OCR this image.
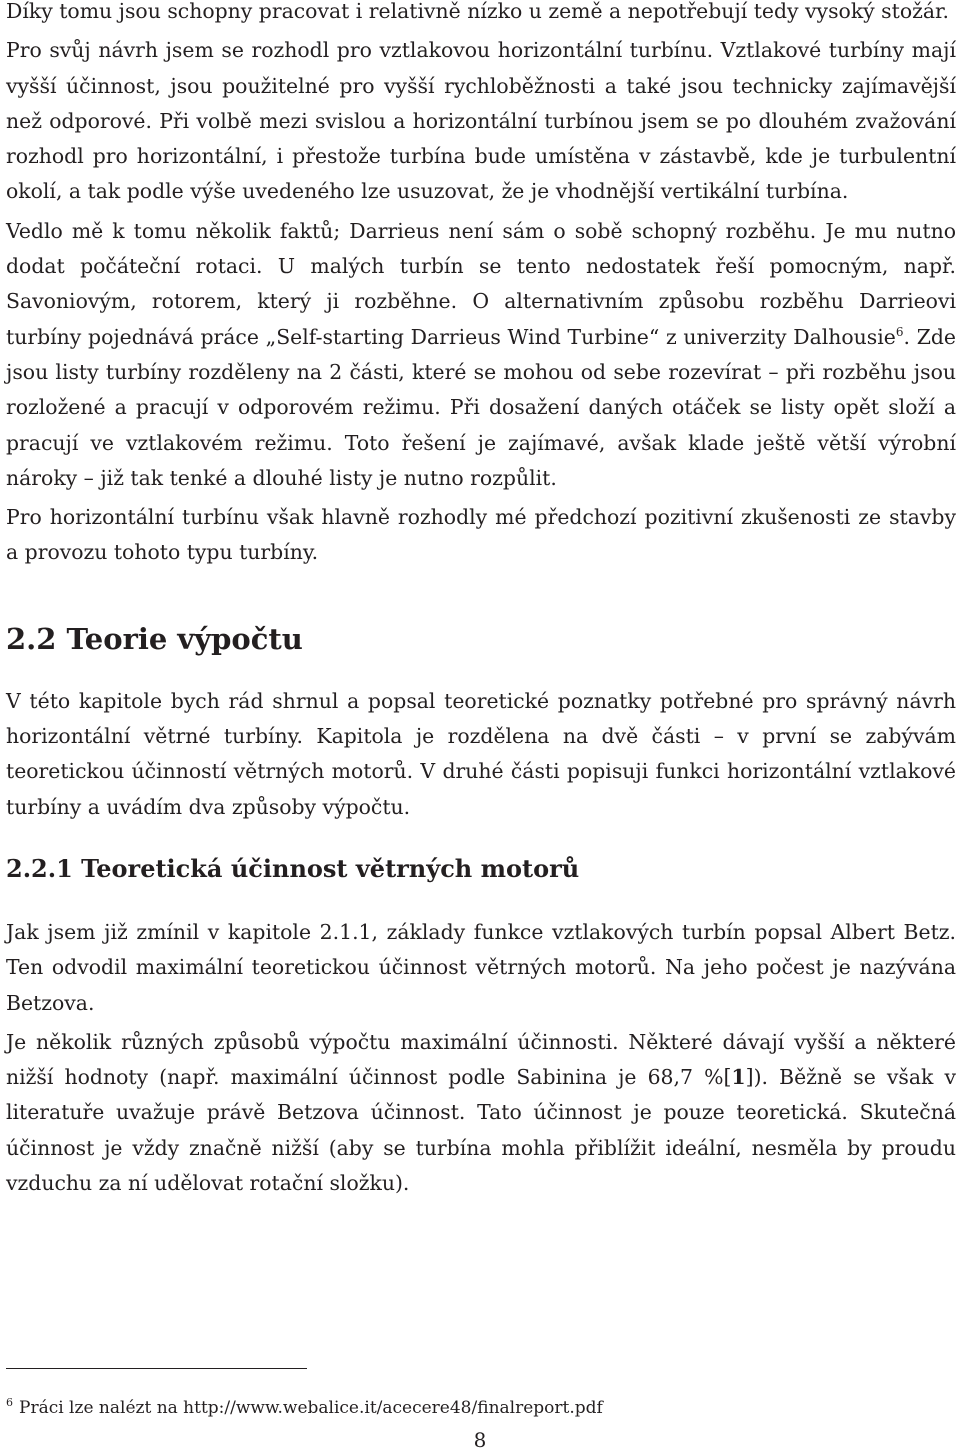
Díky tomu jsou schopny pracovat i relativně nízko u země a nepotřebují tedy vysoký stožár.

Pro svůj návrh jsem se rozhodl pro vztlakovou horizontální turbínu. Vztlakové turbíny mají vyšší účinnost, jsou použitelné pro vyšší rychloběžnosti a také jsou technicky zajímavější než odporové. Při volbě mezi svislou a horizontální turbínou jsem se po dlouhém zvažování rozhodl pro horizontální, i přestože turbína bude umístěna v zástavbě, kde je turbulentní okolí, a tak podle výše uvedeného lze usuzovat, že je vhodnější vertikální turbína.

Vedlo mě k tomu několik faktů; Darrieus není sám o sobě schopný rozběhu. Je mu nutno dodat počáteční rotaci. U malých turbín se tento nedostatek řeší pomocným, např. Savoniovým, rotorem, který ji rozběhne. O alternativním způsobu rozběhu Darrieovi turbíny pojednává práce „Self-starting Darrieus Wind Turbine“ z univerzity Dalhousie$^6$. Zde jsou listy turbíny rozděleny na 2 části, které se mohou od sebe rozevírat – při rozběhu jsou rozložené a pracují v odporovém režimu. Při dosažení daných otáček se listy opět složí a pracují ve vztlakovém režimu. Toto řešení je zajímavé, avšak klade ještě větší výrobní nároky – již tak tenké a dlouhé listy je nutno rozpůlit.

Pro horizontální turbínu však hlavně rozhodly mé předchozí pozitivní zkušenosti ze stavby a provozu tohoto typu turbíny.

2.2 Teorie výpočtu

V této kapitole bych rád shrnul a popsal teoretické poznatky potřebné pro správný návrh horizontální větrné turbíny. Kapitola je rozdělena na dvě části – v první se zabývám teoretickou účinností větrných motorů. V druhé části popisuji funkci horizontální vztlakové turbíny a uvádím dva způsoby výpočtu.

2.2.1 Teoretická účinnost větrných motorů

Jak jsem již zmínil v kapitole 2.1.1, základy funkce vztlakových turbín popsal Albert Betz. Ten odvodil maximální teoretickou účinnost větrných motorů. Na jeho počest je nazývána Betzova.

Je několik různých způsobů výpočtu maximální účinnosti. Některé dávají vyšší a některé nižší hodnoty (např. maximální účinnost podle Sabinina je 68,7 %[1]). Běžně se však v literatuře uvažuje právě Betzova účinnost. Tato účinnost je pouze teoretická. Skutečná účinnost je vždy značně nižší (aby se turbína mohla přiblížit ideální, nesměla by proudu vzduchu za ní udělovat rotační složku).

$^6$ Práci lze nalézt na http://www.webalice.it/acecere48/finalreport.pdf
8
